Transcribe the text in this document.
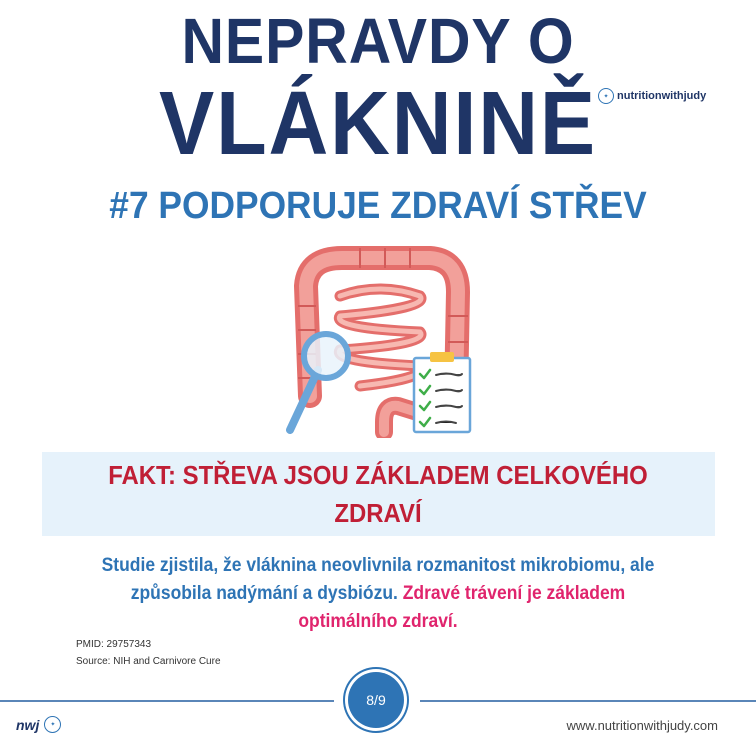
NEPRAVDY O
VLÁKNINĚ	✦ nutritionwithjudy
#7 PODPORUJE ZDRAVÍ STŘEV
FAKT: STŘEVA JSOU ZÁKLADEM CELKOVÉHO ZDRAVÍ
Studie zjistila, že vláknina neovlivnila rozmanitost mikrobiomu, ale způsobila nadýmání a dysbiózu. Zdravé trávení je základem optimálního zdraví.
PMID: 29757343
Source: NIH and Carnivore Cure
8/9
nwj	✦	www.nutritionwithjudy.com
